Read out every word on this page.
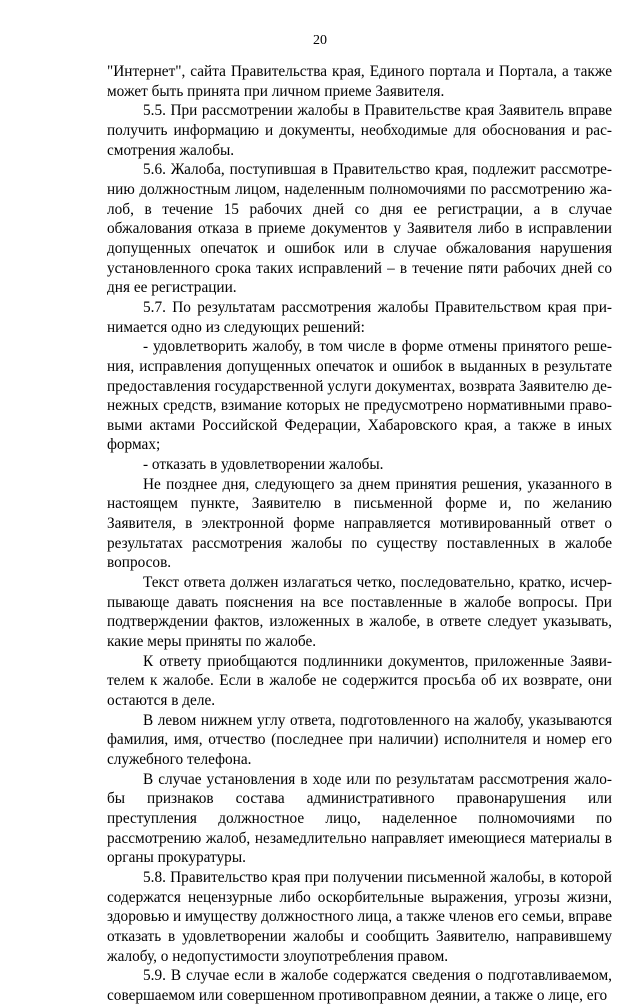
20

"Интернет", сайта Правительства края, Единого портала и Портала, а также может быть принята при личном приеме Заявителя.

5.5. При рассмотрении жалобы в Правительстве края Заявитель вправе получить информацию и документы, необходимые для обоснования и рассмотрения жалобы.

5.6. Жалоба, поступившая в Правительство края, подлежит рассмотрению должностным лицом, наделенным полномочиями по рассмотрению жалоб, в течение 15 рабочих дней со дня ее регистрации, а в случае обжалования отказа в приеме документов у Заявителя либо в исправлении допущенных опечаток и ошибок или в случае обжалования нарушения установленного срока таких исправлений – в течение пяти рабочих дней со дня ее регистрации.

5.7. По результатам рассмотрения жалобы Правительством края принимается одно из следующих решений:

- удовлетворить жалобу, в том числе в форме отмены принятого решения, исправления допущенных опечаток и ошибок в выданных в результате предоставления государственной услуги документах, возврата Заявителю денежных средств, взимание которых не предусмотрено нормативными правовыми актами Российской Федерации, Хабаровского края, а также в иных формах;

- отказать в удовлетворении жалобы.

Не позднее дня, следующего за днем принятия решения, указанного в настоящем пункте, Заявителю в письменной форме и, по желанию Заявителя, в электронной форме направляется мотивированный ответ о результатах рассмотрения жалобы по существу поставленных в жалобе вопросов.

Текст ответа должен излагаться четко, последовательно, кратко, исчерпывающе давать пояснения на все поставленные в жалобе вопросы. При подтверждении фактов, изложенных в жалобе, в ответе следует указывать, какие меры приняты по жалобе.

К ответу приобщаются подлинники документов, приложенные Заявителем к жалобе. Если в жалобе не содержится просьба об их возврате, они остаются в деле.

В левом нижнем углу ответа, подготовленного на жалобу, указываются фамилия, имя, отчество (последнее при наличии) исполнителя и номер его служебного телефона.

В случае установления в ходе или по результатам рассмотрения жалобы признаков состава административного правонарушения или преступления должностное лицо, наделенное полномочиями по рассмотрению жалоб, незамедлительно направляет имеющиеся материалы в органы прокуратуры.

5.8. Правительство края при получении письменной жалобы, в которой содержатся нецензурные либо оскорбительные выражения, угрозы жизни, здоровью и имуществу должностного лица, а также членов его семьи, вправе отказать в удовлетворении жалобы и сообщить Заявителю, направившему жалобу, о недопустимости злоупотребления правом.

5.9. В случае если в жалобе содержатся сведения о подготавливаемом, совершаемом или совершенном противоправном деянии, а также о лице, его
